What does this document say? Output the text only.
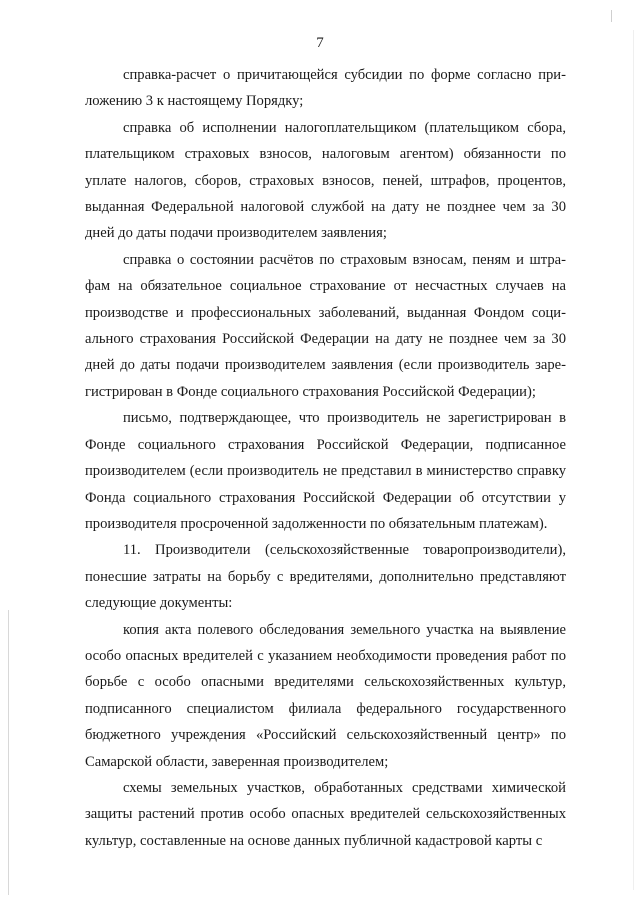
7

справка-расчет о причитающейся субсидии по форме согласно приложению 3 к настоящему Порядку;

справка об исполнении налогоплательщиком (плательщиком сбора, плательщиком страховых взносов, налоговым агентом) обязанности по уплате налогов, сборов, страховых взносов, пеней, штрафов, процентов, выданная Федеральной налоговой службой на дату не позднее чем за 30 дней до даты подачи производителем заявления;

справка о состоянии расчётов по страховым взносам, пеням и штрафам на обязательное социальное страхование от несчастных случаев на производстве и профессиональных заболеваний, выданная Фондом социального страхования Российской Федерации на дату не позднее чем за 30 дней до даты подачи производителем заявления (если производитель зарегистрирован в Фонде социального страхования Российской Федерации);

письмо, подтверждающее, что производитель не зарегистрирован в Фонде социального страхования Российской Федерации, подписанное производителем (если производитель не представил в министерство справку Фонда социального страхования Российской Федерации об отсутствии у производителя просроченной задолженности по обязательным платежам).

11. Производители (сельскохозяйственные товаропроизводители), понесшие затраты на борьбу с вредителями, дополнительно представляют следующие документы:

копия акта полевого обследования земельного участка на выявление особо опасных вредителей с указанием необходимости проведения работ по борьбе с особо опасными вредителями сельскохозяйственных культур, подписанного специалистом филиала федерального государственного бюджетного учреждения «Российский сельскохозяйственный центр» по Самарской области, заверенная производителем;

схемы земельных участков, обработанных средствами химической защиты растений против особо опасных вредителей сельскохозяйственных культур, составленные на основе данных публичной кадастровой карты с
